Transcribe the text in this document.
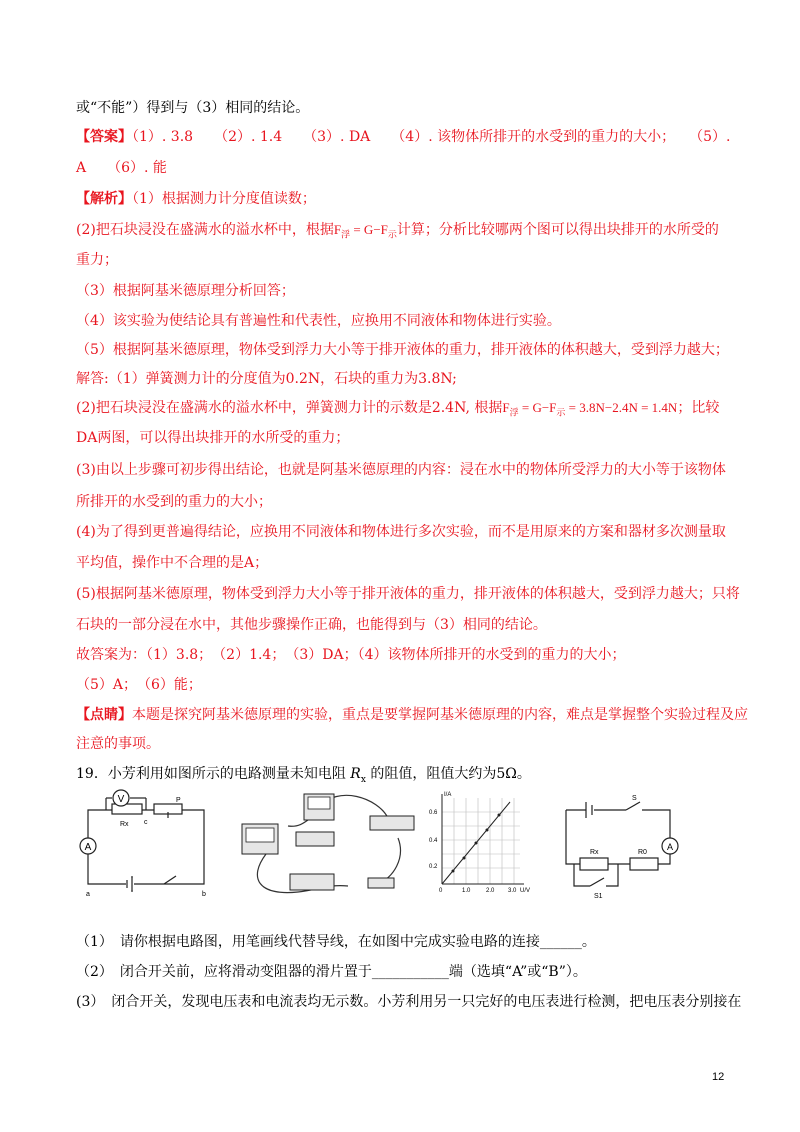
或“不能”）得到与（3）相同的结论。
【答案】（1）. 3.8　　（2）. 1.4　　（3）. DA　　（4）. 该物体所排开的水受到的重力的大小；　　（5）.
A　　（6）. 能
【解析】（1）根据测力计分度值读数；
(2)把石块浸没在盛满水的溢水杯中，根据$F_浮 = G-F_示$计算；分析比较哪两个图可以得出块排开的水所受的
重力；
（3）根据阿基米德原理分析回答；
（4）该实验为使结论具有普遍性和代表性，应换用不同液体和物体进行实验。
（5）根据阿基米德原理，物体受到浮力大小等于排开液体的重力，排开液体的体积越大，受到浮力越大；
解答:（1）弹簧测力计的分度值为0.2N，石块的重力为3.8N;
(2)把石块浸没在盛满水的溢水杯中，弹簧测力计的示数是2.4N, 根据$F_浮 = G-F_示 = 3.8N-2.4N = 1.4N$；比较
DA两图，可以得出块排开的水所受的重力；
(3)由以上步骤可初步得出结论，也就是阿基米德原理的内容：浸在水中的物体所受浮力的大小等于该物体
所排开的水受到的重力的大小；
(4)为了得到更普遍得结论，应换用不同液体和物体进行多次实验，而不是用原来的方案和器材多次测量取
平均值，操作中不合理的是A；
(5)根据阿基米德原理，物体受到浮力大小等于排开液体的重力，排开液体的体积越大，受到浮力越大；只将
石块的一部分浸在水中，其他步骤操作正确，也能得到与（3）相同的结论。
故答案为：（1）3.8；　（2）1.4；　（3）DA；（4）该物体所排开的水受到的重力的大小；
（5）A；　（6）能；
【点睛】本题是探究阿基米德原理的实验，重点是要掌握阿基米德原理的内容，难点是掌握整个实验过程及应
注意的事项。
19．小芳利用如图所示的电路测量未知电阻 $R_x$ 的阻值，阻值大约为5Ω。
V
A
Rx
P
c
a	b
I/A
0.6
0.4
0.2
0	1.0	2.0 3.0 U/V
A
S
Rx	R0
S1
（1）　请你根据电路图，用笔画线代替导线，在如图中完成实验电路的连接______。
（2）　闭合开关前，应将滑动变阻器的滑片置于___________端（选填“A”或“B”）。
(3）　闭合开关，发现电压表和电流表均无示数。小芳利用另一只完好的电压表进行检测，把电压表分别接在
12
